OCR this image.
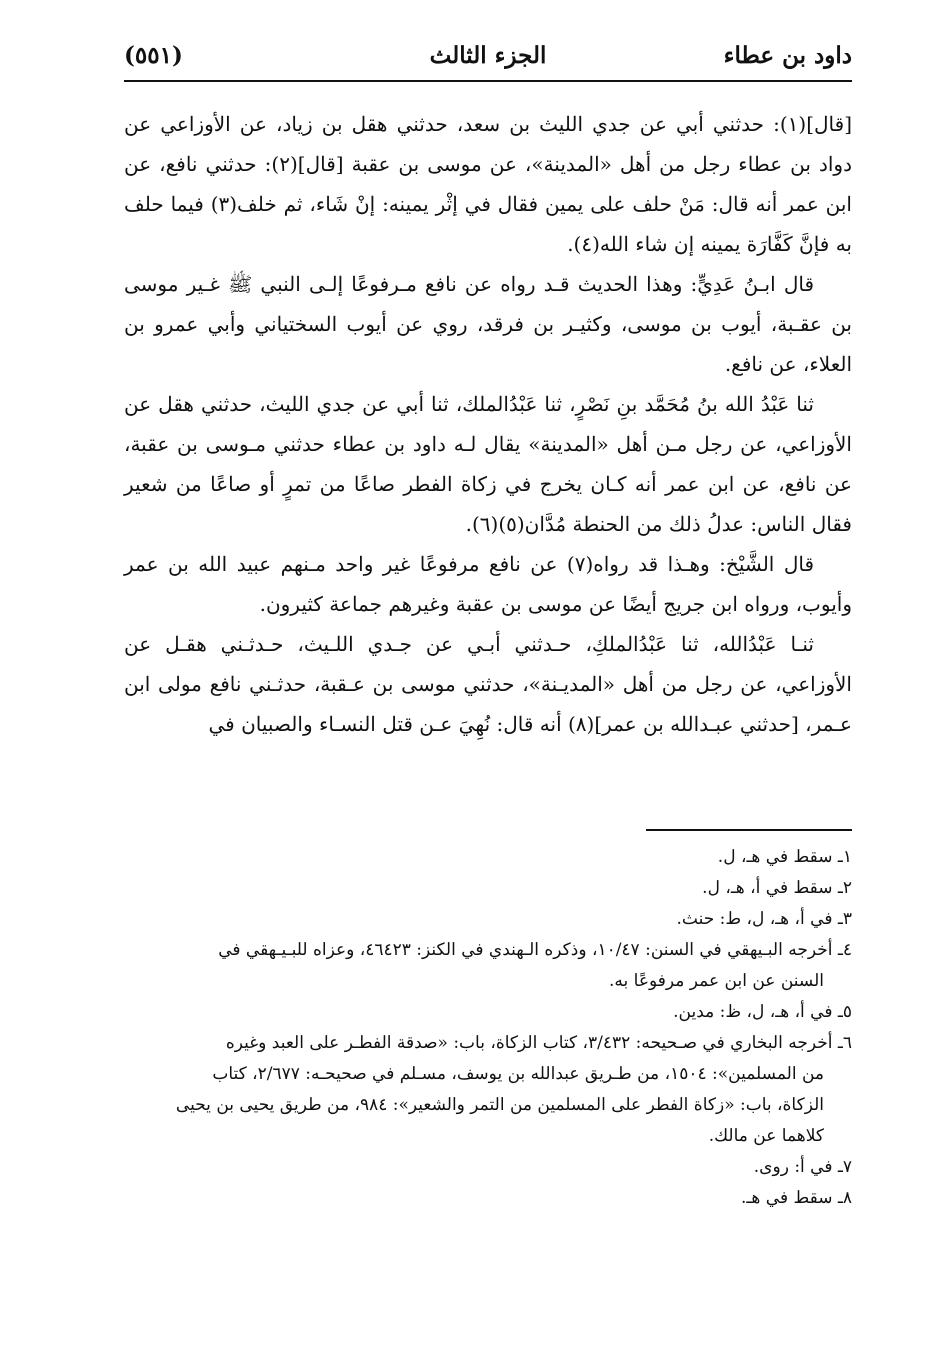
داود بن عطاء
الجزء الثالث
(٥٥١)

[قال](١): حدثني أبي عن جدي الليث بن سعد، حدثني هقل بن زياد، عن الأوزاعي عن دواد بن عطاء رجل من أهل «المدينة»، عن موسى بن عقبة [قال](٢): حدثني نافع، عن ابن عمر أنه قال: مَنْ حلف على يمين فقال في إثْر يمينه: إنْ شَاء، ثم خلف(٣) فيما حلف به فإنَّ كَفَّارَة يمينه إن شاء الله(٤).

قال ابـنُ عَدِيٍّ: وهذا الحديث قـد رواه عن نافع مـرفوعًا إلـى النبي ﷺ غـير موسى بن عقـبة، أيوب بن موسى، وكثيـر بن فرقد، روي عن أيوب السختياني وأبي عمرو بن العلاء، عن نافع.

ثنا عَبْدُ الله بنُ مُحَمَّد بنِ نَصْرٍ، ثنا عَبْدُالملك، ثنا أبي عن جدي الليث، حدثني هقل عن الأوزاعي، عن رجل مـن أهل «المدينة» يقال لـه داود بن عطاء حدثني مـوسى بن عقبة، عن نافع، عن ابن عمر أنه كـان يخرج في زكاة الفطر صاعًا من تمرٍ أو صاعًا من شعير فقال الناس: عدلُ ذلك من الحنطة مُدَّان(٥)(٦).

قال الشَّيْخ: وهـذا قد رواه(٧) عن نافع مرفوعًا غير واحد مـنهم عبيد الله بن عمر وأيوب، ورواه ابن جريج أيضًا عن موسى بن عقبة وغيرهم جماعة كثيرون.

ثنـا عَبْدُالله، ثنا عَبْدُالملكِ، حـدثني أبـي عن جـدي اللـيث، حـدثـني هقـل عن الأوزاعي، عن رجل من أهل «المديـنة»، حدثني موسى بن عـقبة، حدثـني نافع مولى ابن عـمر، [حدثني عبـدالله بن عمر](٨) أنه قال: نُهِيَ عـن قتل النسـاء والصبيان في

١ـ سقط في هـ، ل.

٢ـ سقط في أ، هـ، ل.

٣ـ في أ، هـ، ل، ط: حنث.

٤ـ أخرجه البـيهقي في السنن: ١٠/٤٧، وذكره الـهندي في الكنز: ٤٦٤٢٣، وعزاه للبـيـهقي في

السنن عن ابن عمر مرفوعًا به.

٥ـ في أ، هـ، ل، ظ: مدين.

٦ـ أخرجه البخاري في صـحيحه: ٣/٤٣٢، كتاب الزكاة، باب: «صدقة الفطـر على العبد وغيره

من المسلمين»: ١٥٠٤، من طـريق عبدالله بن يوسف، مسـلم في صحيحـه: ٢/٦٧٧، كتاب

الزكاة، باب: «زكاة الفطر على المسلمين من التمر والشعير»: ٩٨٤، من طريق يحيى بن يحيى

كلاهما عن مالك.

٧ـ في أ: روى.

٨ـ سقط في هـ.
